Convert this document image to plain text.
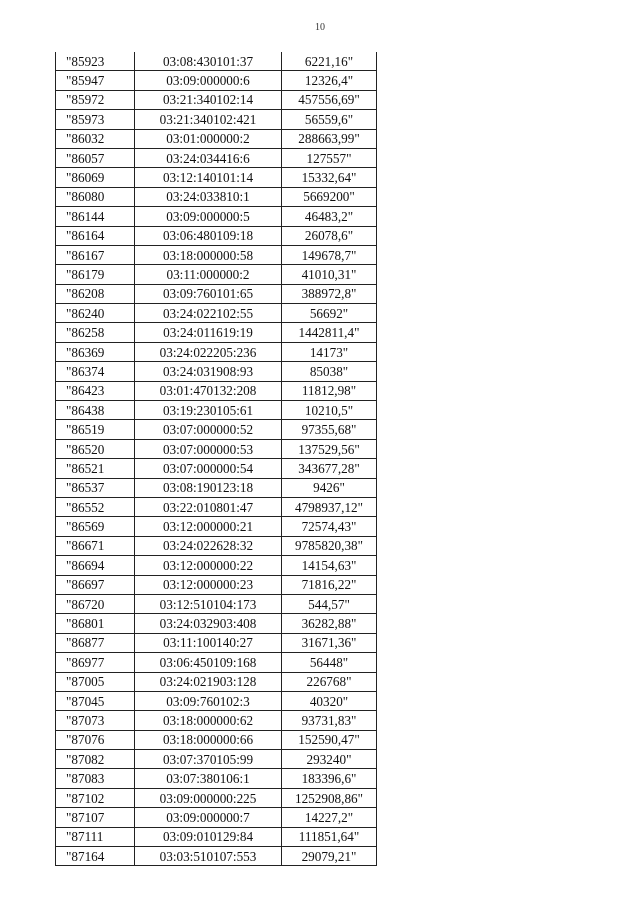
10
"85923	03:08:430101:37	6221,16"
"85947	03:09:000000:6	12326,4"
"85972	03:21:340102:14	457556,69"
"85973	03:21:340102:421	56559,6"
"86032	03:01:000000:2	288663,99"
"86057	03:24:034416:6	127557"
"86069	03:12:140101:14	15332,64"
"86080	03:24:033810:1	5669200"
"86144	03:09:000000:5	46483,2"
"86164	03:06:480109:18	26078,6"
"86167	03:18:000000:58	149678,7"
"86179	03:11:000000:2	41010,31"
"86208	03:09:760101:65	388972,8"
"86240	03:24:022102:55	56692"
"86258	03:24:011619:19	1442811,4"
"86369	03:24:022205:236	14173"
"86374	03:24:031908:93	85038"
"86423	03:01:470132:208	11812,98"
"86438	03:19:230105:61	10210,5"
"86519	03:07:000000:52	97355,68"
"86520	03:07:000000:53	137529,56"
"86521	03:07:000000:54	343677,28"
"86537	03:08:190123:18	9426"
"86552	03:22:010801:47	4798937,12"
"86569	03:12:000000:21	72574,43"
"86671	03:24:022628:32	9785820,38"
"86694	03:12:000000:22	14154,63"
"86697	03:12:000000:23	71816,22"
"86720	03:12:510104:173	544,57"
"86801	03:24:032903:408	36282,88"
"86877	03:11:100140:27	31671,36"
"86977	03:06:450109:168	56448"
"87005	03:24:021903:128	226768"
"87045	03:09:760102:3	40320"
"87073	03:18:000000:62	93731,83"
"87076	03:18:000000:66	152590,47"
"87082	03:07:370105:99	293240"
"87083	03:07:380106:1	183396,6"
"87102	03:09:000000:225	1252908,86"
"87107	03:09:000000:7	14227,2"
"87111	03:09:010129:84	111851,64"
"87164	03:03:510107:553	29079,21"
